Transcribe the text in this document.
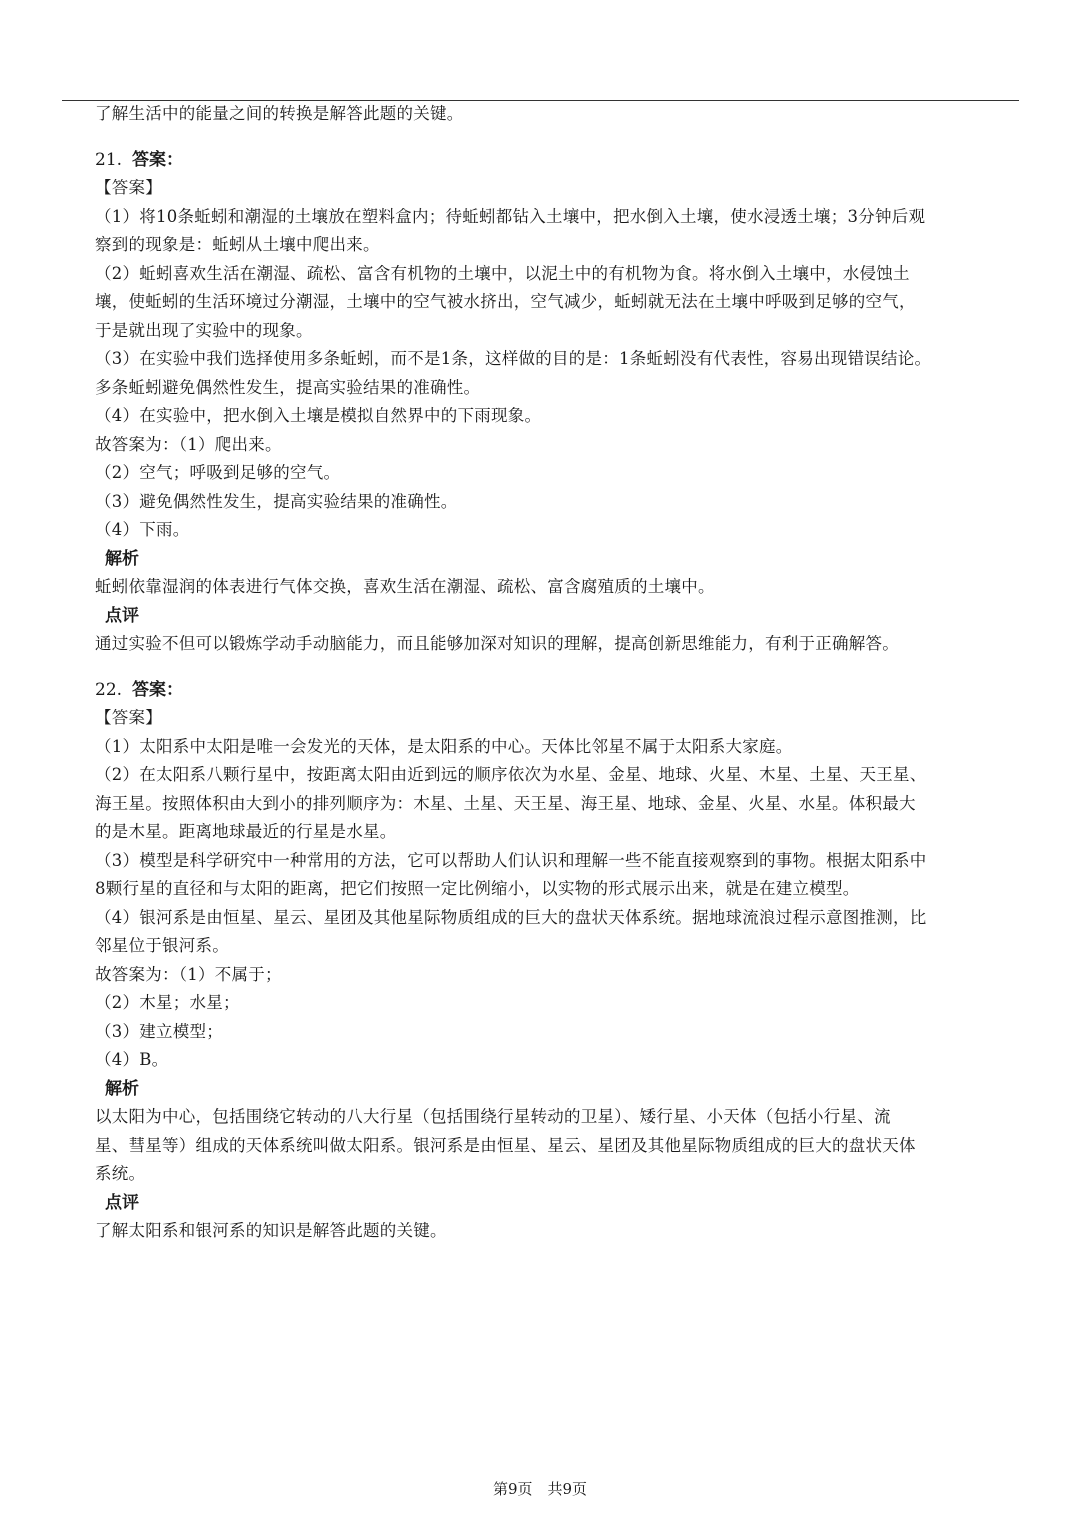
了解生活中的能量之间的转换是解答此题的关键。
21. 答案：
【答案】
（1）将10条蚯蚓和潮湿的土壤放在塑料盒内；待蚯蚓都钻入土壤中，把水倒入土壤，使水浸透土壤；3分钟后观
察到的现象是：蚯蚓从土壤中爬出来。
（2）蚯蚓喜欢生活在潮湿、疏松、富含有机物的土壤中，以泥土中的有机物为食。将水倒入土壤中，水侵蚀土
壤，使蚯蚓的生活环境过分潮湿，土壤中的空气被水挤出，空气减少，蚯蚓就无法在土壤中呼吸到足够的空气，
于是就出现了实验中的现象。
（3）在实验中我们选择使用多条蚯蚓，而不是1条，这样做的目的是：1条蚯蚓没有代表性，容易出现错误结论。
多条蚯蚓避免偶然性发生，提高实验结果的准确性。
（4）在实验中，把水倒入土壤是模拟自然界中的下雨现象。
故答案为：（1）爬出来。
（2）空气；呼吸到足够的空气。
（3）避免偶然性发生，提高实验结果的准确性。
（4）下雨。
解析
蚯蚓依靠湿润的体表进行气体交换，喜欢生活在潮湿、疏松、富含腐殖质的土壤中。
点评
通过实验不但可以锻炼学动手动脑能力，而且能够加深对知识的理解，提高创新思维能力，有利于正确解答。
22. 答案：
【答案】
（1）太阳系中太阳是唯一会发光的天体，是太阳系的中心。天体比邻星不属于太阳系大家庭。
（2）在太阳系八颗行星中，按距离太阳由近到远的顺序依次为水星、金星、地球、火星、木星、土星、天王星、
海王星。按照体积由大到小的排列顺序为：木星、土星、天王星、海王星、地球、金星、火星、水星。体积最大
的是木星。距离地球最近的行星是水星。
（3）模型是科学研究中一种常用的方法，它可以帮助人们认识和理解一些不能直接观察到的事物。根据太阳系中
8颗行星的直径和与太阳的距离，把它们按照一定比例缩小，以实物的形式展示出来，就是在建立模型。
（4）银河系是由恒星、星云、星团及其他星际物质组成的巨大的盘状天体系统。据地球流浪过程示意图推测，比
邻星位于银河系。
故答案为：（1）不属于；
（2）木星；水星；
（3）建立模型；
（4）B。
解析
以太阳为中心，包括围绕它转动的八大行星（包括围绕行星转动的卫星）、矮行星、小天体（包括小行星、流
星、彗星等）组成的天体系统叫做太阳系。银河系是由恒星、星云、星团及其他星际物质组成的巨大的盘状天体
系统。
点评
了解太阳系和银河系的知识是解答此题的关键。
第9页　共9页
